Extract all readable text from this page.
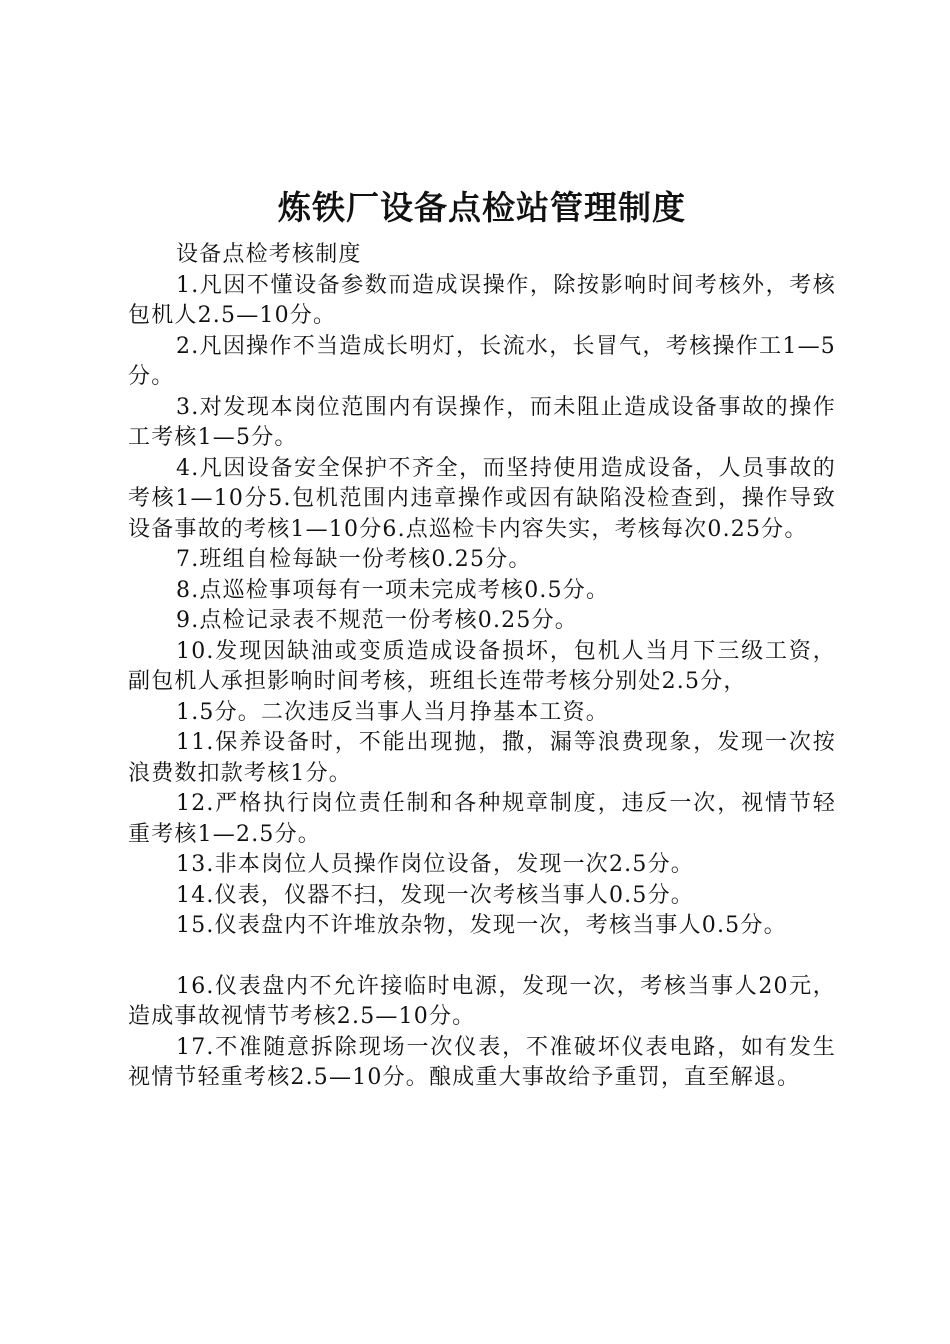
炼铁厂设备点检站管理制度

设备点检考核制度

1.凡因不懂设备参数而造成误操作，除按影响时间考核外，考核包机人2.5—10分。

2.凡因操作不当造成长明灯，长流水，长冒气，考核操作工1—5分。

3.对发现本岗位范围内有误操作，而未阻止造成设备事故的操作工考核1—5分。

4.凡因设备安全保护不齐全，而坚持使用造成设备，人员事故的考核1—10分5.包机范围内违章操作或因有缺陷没检查到，操作导致设备事故的考核1—10分6.点巡检卡内容失实，考核每次0.25分。

7.班组自检每缺一份考核0.25分。

8.点巡检事项每有一项未完成考核0.5分。

9.点检记录表不规范一份考核0.25分。

10.发现因缺油或变质造成设备损坏，包机人当月下三级工资，副包机人承担影响时间考核，班组长连带考核分别处2.5分，

1.5分。二次违反当事人当月挣基本工资。

11.保养设备时，不能出现抛，撒，漏等浪费现象，发现一次按浪费数扣款考核1分。

12.严格执行岗位责任制和各种规章制度，违反一次，视情节轻重考核1—2.5分。

13.非本岗位人员操作岗位设备，发现一次2.5分。

14.仪表，仪器不扫，发现一次考核当事人0.5分。

15.仪表盘内不许堆放杂物，发现一次，考核当事人0.5分。

16.仪表盘内不允许接临时电源，发现一次，考核当事人20元，造成事故视情节考核2.5—10分。

17.不准随意拆除现场一次仪表，不准破坏仪表电路，如有发生视情节轻重考核2.5—10分。酿成重大事故给予重罚，直至解退。
